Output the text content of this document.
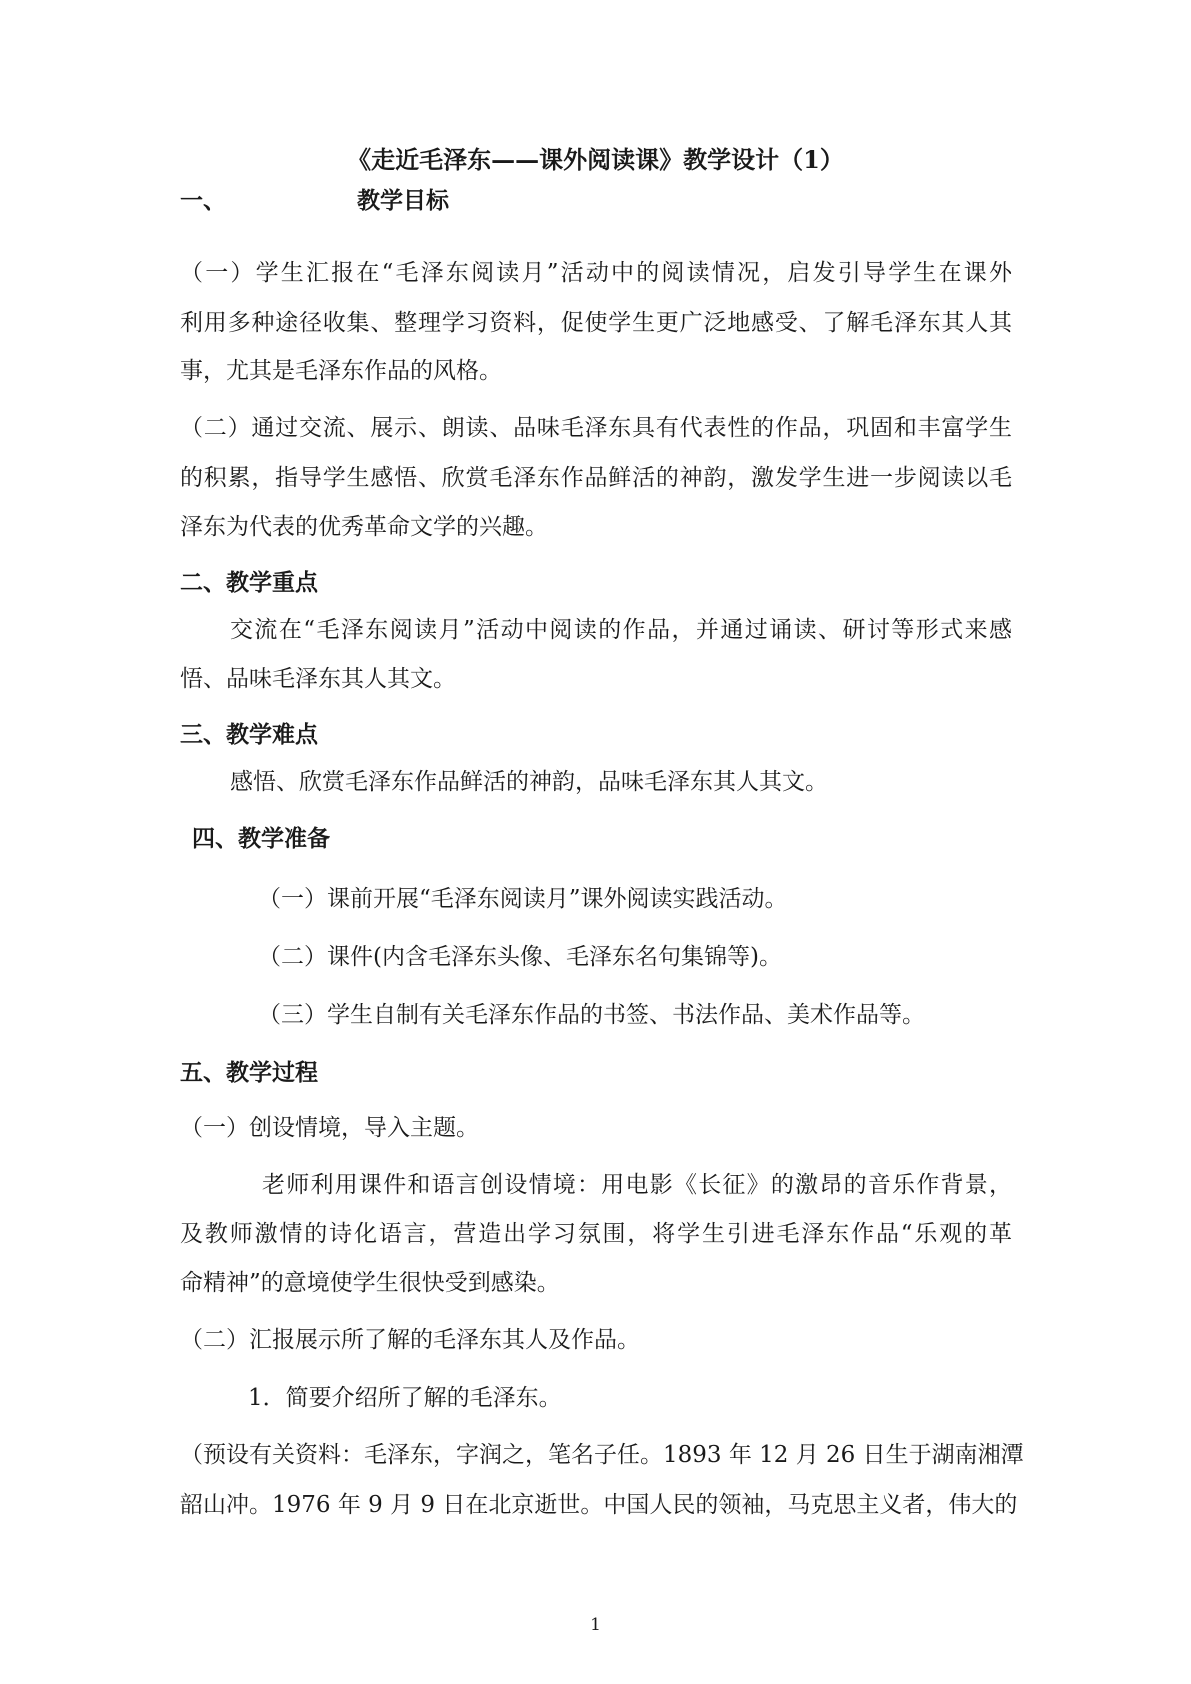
《走近毛泽东——课外阅读课》教学设计（1）
一、	教学目标
（一）学生汇报在“毛泽东阅读月”活动中的阅读情况，启发引导学生在课外
利用多种途径收集、整理学习资料，促使学生更广泛地感受、了解毛泽东其人其
事，尤其是毛泽东作品的风格。
（二）通过交流、展示、朗读、品味毛泽东具有代表性的作品，巩固和丰富学生
的积累，指导学生感悟、欣赏毛泽东作品鲜活的神韵，激发学生进一步阅读以毛
泽东为代表的优秀革命文学的兴趣。
二、教学重点
交流在“毛泽东阅读月”活动中阅读的作品，并通过诵读、研讨等形式来感
悟、品味毛泽东其人其文。
三、教学难点
感悟、欣赏毛泽东作品鲜活的神韵，品味毛泽东其人其文。
四、教学准备
（一）课前开展“毛泽东阅读月”课外阅读实践活动。
（二）课件(内含毛泽东头像、毛泽东名句集锦等)。
（三）学生自制有关毛泽东作品的书签、书法作品、美术作品等。
五、教学过程
（一）创设情境，导入主题。
老师利用课件和语言创设情境：用电影《长征》的激昂的音乐作背景，
及教师激情的诗化语言，营造出学习氛围，将学生引进毛泽东作品“乐观的革
命精神”的意境使学生很快受到感染。
（二）汇报展示所了解的毛泽东其人及作品。
1．简要介绍所了解的毛泽东。
（预设有关资料：毛泽东，字润之，笔名子任。1893 年 12 月 26 日生于湖南湘潭
韶山冲。1976 年 9 月 9 日在北京逝世。中国人民的领袖，马克思主义者，伟大的
1
